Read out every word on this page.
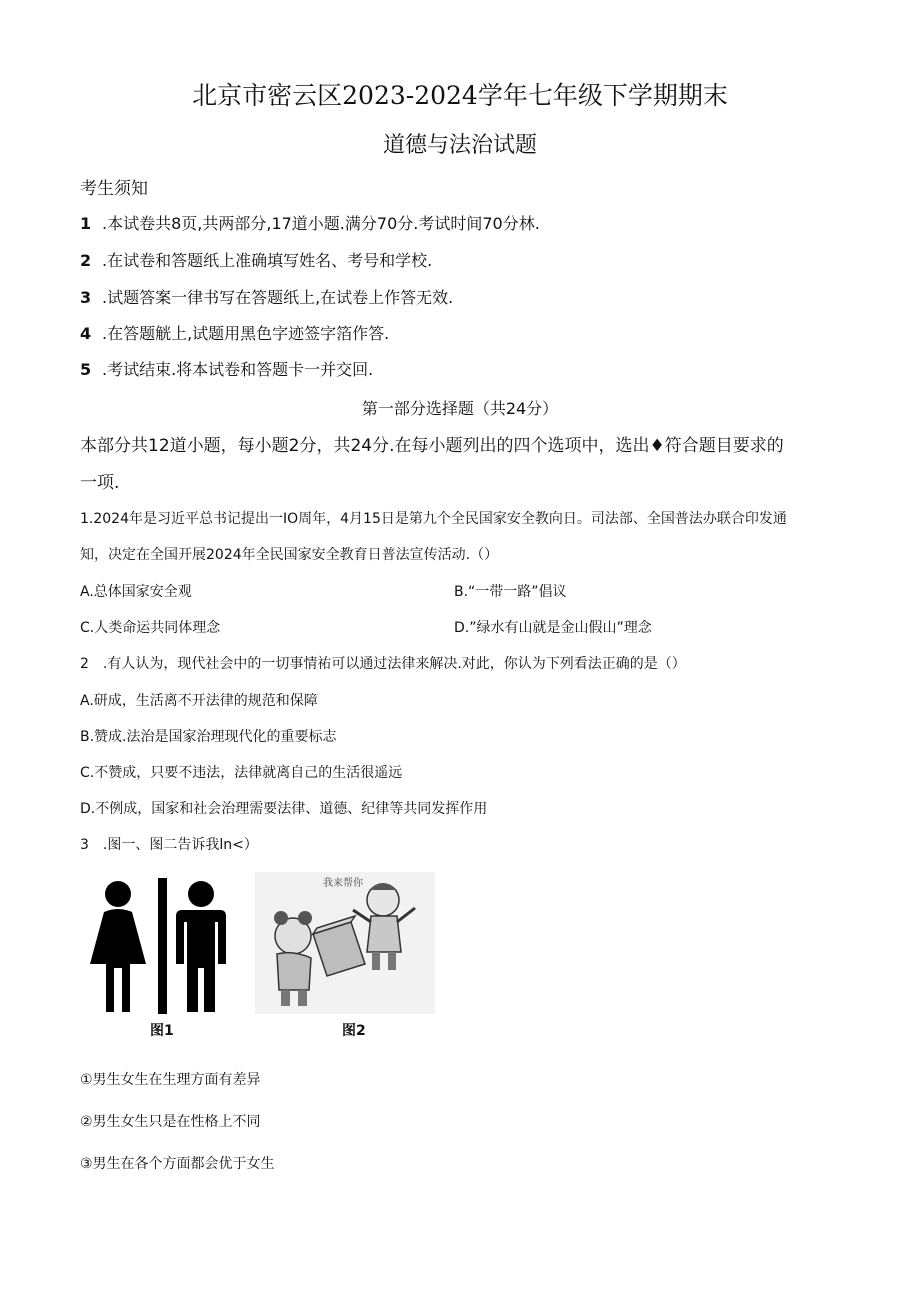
北京市密云区2023-2024学年七年级下学期期末
道德与法治试题
考生须知
1 .本试卷共8页,共两部分,17道小题.满分70分.考试时间70分林.
2 .在试卷和答题纸上准确填写姓名、考号和学校.
3 .试题答案一律书写在答题纸上,在试卷上作答无效.
4 .在答题觥上,试题用黑色字迹签字箔作答.
5 .考试结束.将本试卷和答题卡一并交回.
第一部分选择题（共24分）
本部分共12道小题，每小题2分，共24分.在每小题列出的四个选项中，选出♦符合题目要求的
一项.
1.2024年是习近平总书记提出一IO周年，4月15日是第九个全民国家安全教向日。司法部、全国普法办联合印发通
知，决定在全国开展2024年全民国家安全教育日普法宣传活动.（）
A.总体国家安全观	B.“一带一路”倡议
C.人类命运共同体理念	D.”绿水有山就是金山假山”理念
2　.有人认为，现代社会中的一切事情祐可以通过法律来解决.对此，你认为下列看法正确的是（）
A.研成，生活离不开法律的规范和保障
B.赞成.法治是国家治理现代化的重要标志
C.不赞成，只要不违法，法律就离自己的生活很遥远
D.不例成，国家和社会治理需要法律、道德、纪律等共同发挥作用
3　.图一、图二告诉我ln<）
图1
我来帮你
图2
①男生女生在生理方面有差异
②男生女生只是在性格上不同
③男生在各个方面都会优于女生
